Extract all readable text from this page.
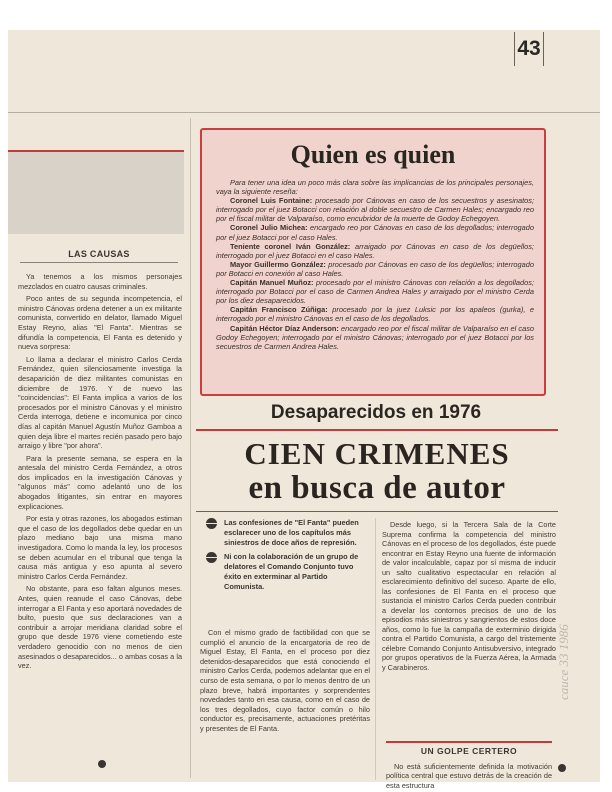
43
LAS CAUSAS

Ya tenemos a los mismos personajes mezclados en cuatro causas criminales.

Poco antes de su segunda incompetencia, el ministro Cánovas ordena detener a un ex militante comunista, convertido en delator, llamado Miguel Estay Reyno, alias "El Fanta". Mientras se difundía la competencia, El Fanta es detenido y nueva sorpresa:

Lo llama a declarar el ministro Carlos Cerda Fernández, quien silenciosamente investiga la desaparición de diez militantes comunistas en diciembre de 1976. Y de nuevo las "coincidencias": El Fanta implica a varios de los procesados por el ministro Cánovas y el ministro Cerda interroga, detiene e incomunica por cinco días al capitán Manuel Agustín Muñoz Gamboa a quien deja libre el martes recién pasado pero bajo arraigo y libre "por ahora".

Para la presente semana, se espera en la antesala del ministro Cerda Fernández, a otros dos implicados en la investigación Cánovas y "algunos más" como adelantó uno de los abogados litigantes, sin entrar en mayores explicaciones.

Por esta y otras razones, los abogados estiman que el caso de los degollados debe quedar en un plazo mediano bajo una misma mano investigadora. Como lo manda la ley, los procesos se deben acumular en el tribunal que tenga la causa más antigua y eso apunta al severo ministro Carlos Cerda Fernández.

No obstante, para eso faltan algunos meses. Antes, quien reanude el caso Cánovas, debe interrogar a El Fanta y eso aportará novedades de bulto, puesto que sus declaraciones van a contribuir a arrojar meridiana claridad sobre el grupo que desde 1976 viene cometiendo este verdadero genocidio con no menos de cien asesinados o desaparecidos... o ambas cosas a la vez.

Quien es quien

Para tener una idea un poco más clara sobre las implicancias de los principales personajes, vaya la siguiente reseña:

Coronel Luis Fontaine: procesado por Cánovas en caso de los secuestros y asesinatos; interrogado por el juez Botacci con relación al doble secuestro de Carmen Hales; encargado reo por el fiscal militar de Valparaíso, como encubridor de la muerte de Godoy Echegoyen.

Coronel Julio Michea: encargado reo por Cánovas en caso de los degollados; interrogado por el juez Botacci por el caso Hales.

Teniente coronel Iván González: arraigado por Cánovas en caso de los degüellos; interrogado por el juez Botacci en el caso Hales.

Mayor Guillermo González: procesado por Cánovas en caso de los degüellos; interrogado por Botacci en conexión al caso Hales.

Capitán Manuel Muñoz: procesado por el ministro Cánovas con relación a los degollados; interrogado por Botacci por el caso de Carmen Andrea Hales y arraigado por el ministro Cerda por los diez desaparecidos.

Capitán Francisco Zúñiga: procesado por la juez Luksic por los apaleos (gurka), e interrogado por el ministro Cánovas en el caso de los degollados.

Capitán Héctor Díaz Anderson: encargado reo por el fiscal militar de Valparaíso en el caso Godoy Echegoyen; interrogado por el ministro Cánovas; interrogado por el juez Botacci por los secuestros de Carmen Andrea Hales.

Desaparecidos en 1976
CIEN CRIMENES
en busca de autor
Las confesiones de "El Fanta" pueden esclarecer uno de los capítulos más siniestros de doce años de represión.
Ni con la colaboración de un grupo de delatores el Comando Conjunto tuvo éxito en exterminar al Partido Comunista.

Con el mismo grado de factibilidad con que se cumplió el anuncio de la encargatoria de reo de Miguel Estay, El Fanta, en el proceso por diez detenidos-desaparecidos que está conociendo el ministro Carlos Cerda, podemos adelantar que en el curso de esta semana, o por lo menos dentro de un plazo breve, habrá importantes y sorprendentes novedades tanto en esa causa, como en el caso de los tres degollados, cuyo factor común o hilo conductor es, precisamente, actuaciones pretéritas y presentes de El Fanta.

Desde luego, si la Tercera Sala de la Corte Suprema confirma la competencia del ministro Cánovas en el proceso de los degollados, éste puede encontrar en Estay Reyno una fuente de información de valor incalculable, capaz por sí misma de inducir un salto cualitativo espectacular en relación al esclarecimiento definitivo del suceso. Aparte de ello, las confesiones de El Fanta en el proceso que sustancia el ministro Carlos Cerda pueden contribuir a develar los contornos precisos de uno de los episodios más siniestros y sangrientos de estos doce años, como lo fue la campaña de exterminio dirigida contra el Partido Comunista, a cargo del tristemente célebre Comando Conjunto Antisubversivo, integrado por grupos operativos de la Fuerza Aérea, la Armada y Carabineros.

UN GOLPE CERTERO

No está suficientemente definida la motivación política central que estuvo detrás de la creación de esta estructura

cauce 33 1986
